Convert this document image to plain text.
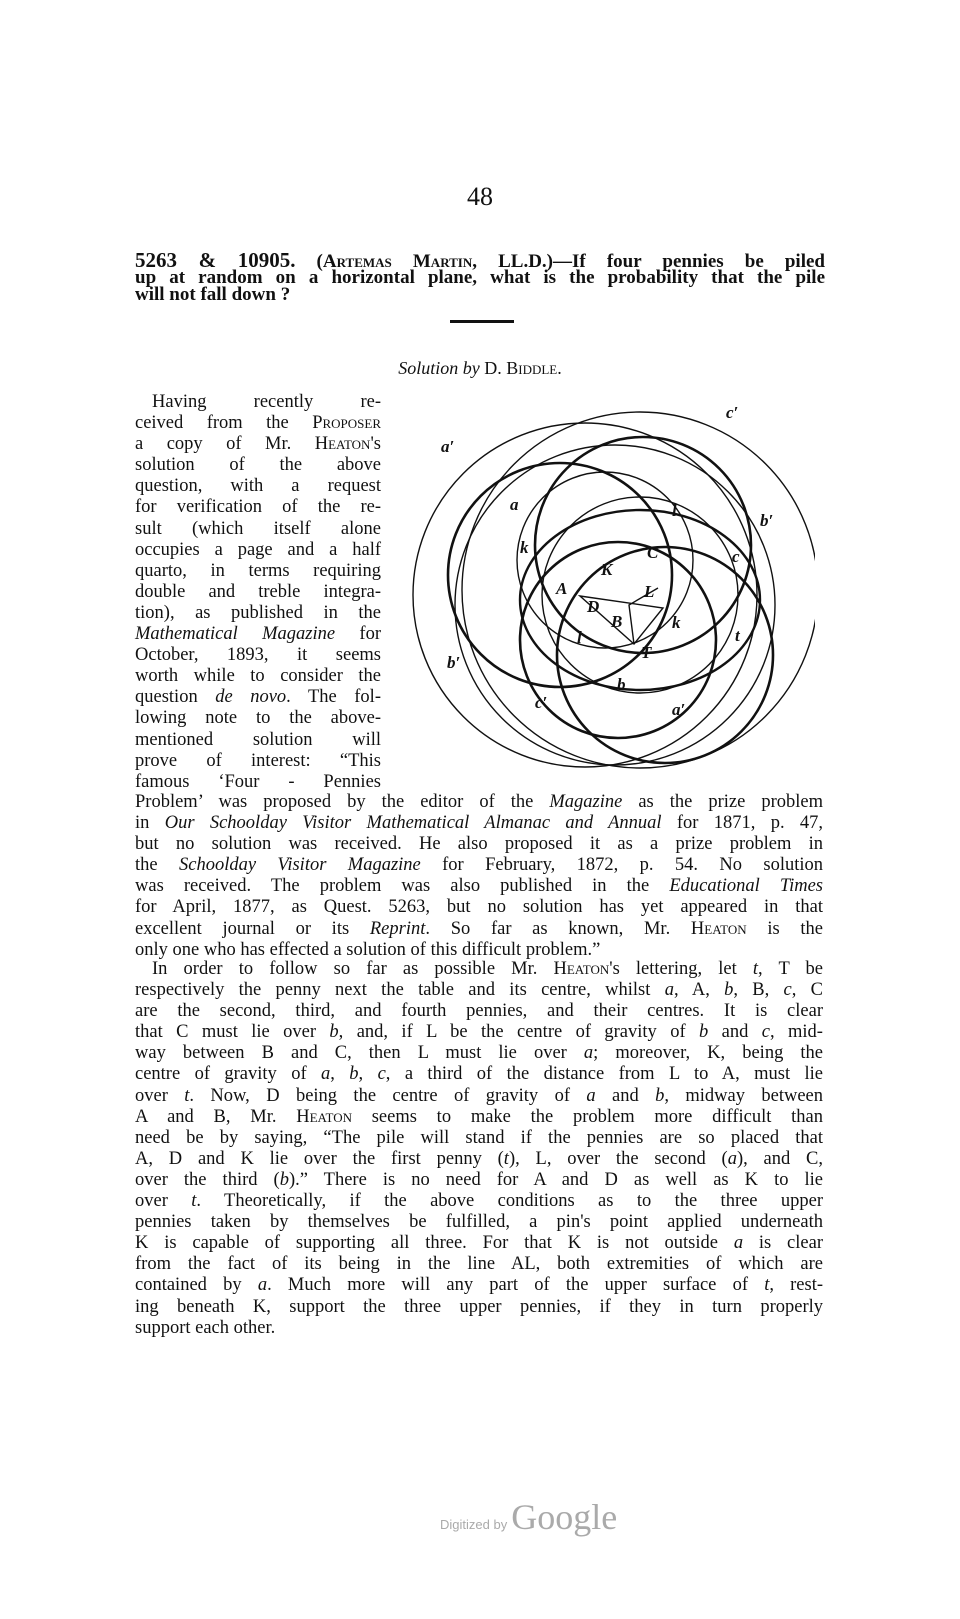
48
5263 & 10905. (Artemas Martin, LL.D.)—If four pennies be piled
up at random on a horizontal plane, what is the probability that the pile
will not fall down ?
Solution by D. Biddle.
Having recently re-
ceived from the Proposer
a copy of Mr. Heaton's
solution of the above
question, with a request
for verification of the re-
sult (which itself alone
occupies a page and a half
quarto, in terms requiring
double and treble integra-
tion), as published in the
Mathematical Magazine for
October, 1893, it seems
worth while to consider the
question de novo. The fol-
lowing note to the above-
mentioned solution will
prove of interest: “This
famous ‘Four - Pennies
Problem’ was proposed by the editor of the Magazine as the prize problem
in Our Schoolday Visitor Mathematical Almanac and Annual for 1871, p. 47,
but no solution was received. He also proposed it as a prize problem in
the Schoolday Visitor Magazine for February, 1872, p. 54. No solution
was received. The problem was also published in the Educational Times
for April, 1877, as Quest. 5263, but no solution has yet appeared in that
excellent journal or its Reprint. So far as known, Mr. Heaton is the
only one who has effected a solution of this difficult problem.”
In order to follow so far as possible Mr. Heaton's lettering, let t, T be
respectively the penny next the table and its centre, whilst a, A, b, B, c, C
are the second, third, and fourth pennies, and their centres. It is clear
that C must lie over b, and, if L be the centre of gravity of b and c, mid-
way between B and C, then L must lie over a; moreover, K, being the
centre of gravity of a, b, c, a third of the distance from L to A, must lie
over t. Now, D being the centre of gravity of a and b, midway between
A and B, Mr. Heaton seems to make the problem more difficult than
need be by saying, “The pile will stand if the pennies are so placed that
A, D and K lie over the first penny (t), L, over the second (a), and C,
over the third (b).” There is no need for A and D as well as K to lie
over t. Theoretically, if the above conditions as to the three upper
pennies taken by themselves be fulfilled, a pin's point applied underneath
K is capable of supporting all three. For that K is not outside a is clear
from the fact of its being in the line AL, both extremities of which are
contained by a. Much more will any part of the upper surface of t, rest-
ing beneath K, support the three upper pennies, if they in turn properly
support each other.
a′
c′
a	l
b′
k	c
C
K
A	L
D
B	k
t
l
T
b′
b
c′	a′
Digitized by Google
